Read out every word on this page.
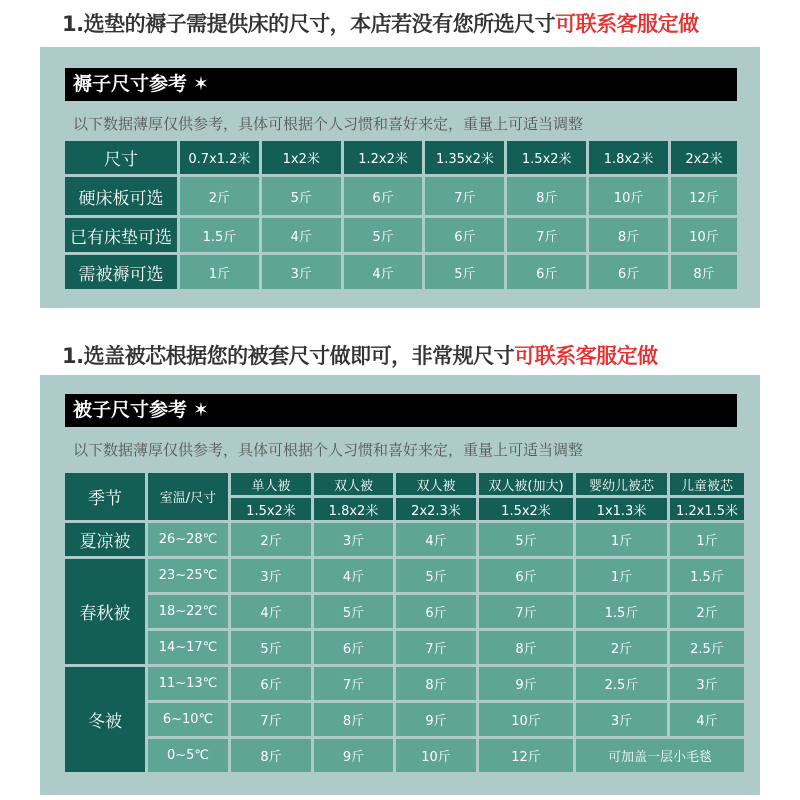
1.选垫的褥子需提供床的尺寸，本店若没有您所选尺寸可联系客服定做
褥子尺寸参考 ✶
以下数据薄厚仅供参考，具体可根据个人习惯和喜好来定，重量上可适当调整
尺寸	0.7x1.2米	1x2米	1.2x2米	1.35x2米	1.5x2米	1.8x2米	2x2米
硬床板可选	2斤	5斤	6斤	7斤	8斤	10斤	12斤
已有床垫可选	1.5斤	4斤	5斤	6斤	7斤	8斤	10斤
需被褥可选	1斤	3斤	4斤	5斤	6斤	6斤	8斤
1.选盖被芯根据您的被套尺寸做即可，非常规尺寸可联系客服定做
被子尺寸参考 ✶
以下数据薄厚仅供参考，具体可根据个人习惯和喜好来定，重量上可适当调整
季节	室温/尺寸	单人被	双人被	双人被	双人被(加大)	婴幼儿被芯	儿童被芯
		1.5x2米	1.8x2米	2x2.3米	1.5x2米	1x1.3米	1.2x1.5米
夏凉被	26~28℃	2斤	3斤	4斤	5斤	1斤	1斤
春秋被	23~25℃	3斤	4斤	5斤	6斤	1斤	1.5斤
	18~22℃	4斤	5斤	6斤	7斤	1.5斤	2斤
	14~17℃	5斤	6斤	7斤	8斤	2斤	2.5斤
冬被	11~13℃	6斤	7斤	8斤	9斤	2.5斤	3斤
	6~10℃	7斤	8斤	9斤	10斤	3斤	4斤
	0~5℃	8斤	9斤	10斤	12斤	可加盖一层小毛毯	
